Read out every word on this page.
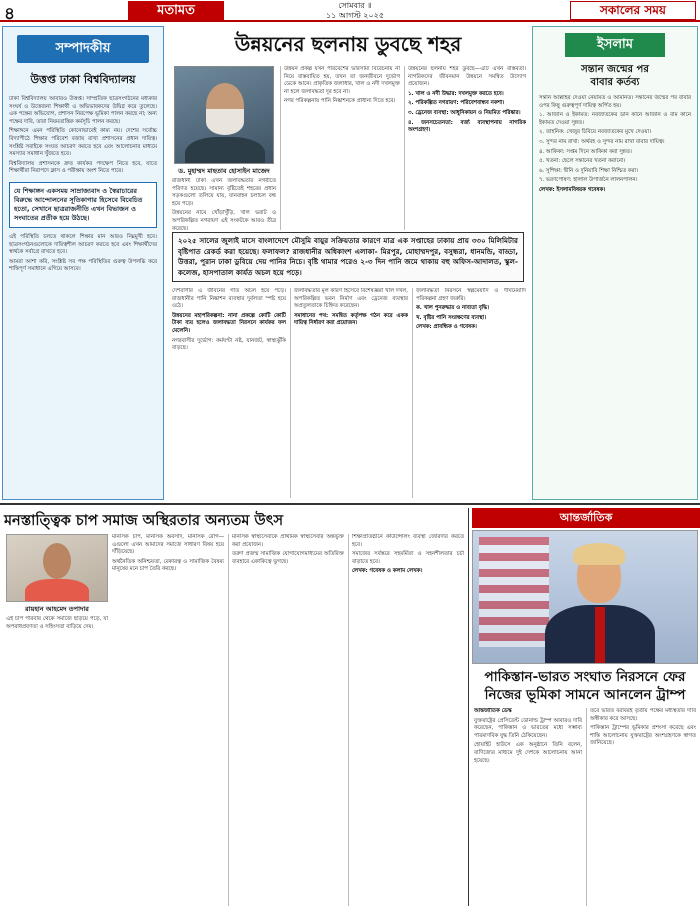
৪	মতামত	সোমবার ॥
১১ আগস্ট ২০২৫	সকালের সময়
সম্পাদকীয়
উত্তপ্ত ঢাকা বিশ্ববিদ্যালয়

ঢাকা বিশ্ববিদ্যালয় আবারও উত্তপ্ত। সাম্প্রতিক ছাত্রসংগঠনের মধ্যকার সংঘর্ষ ও উত্তেজনা শিক্ষার্থী ও অভিভাবকদের উদ্বিগ্ন করে তুলেছে। এক পক্ষের অভিযোগ, প্রশাসন নিরপেক্ষ ভূমিকা পালন করছে না; অন্য পক্ষের দাবি, তারা নিয়মতান্ত্রিক কর্মসূচি পালন করছে।

শিক্ষাঙ্গনে এমন পরিস্থিতি কোনোভাবেই কাম্য নয়। দেশের সর্বোচ্চ বিদ্যাপীঠে শিক্ষার পরিবেশ বজায় রাখা প্রশাসনের প্রধান দায়িত্ব। সংশ্লিষ্ট সবাইকে সংযত আচরণ করতে হবে এবং আলোচনার মাধ্যমে সমস্যার সমাধান খুঁজতে হবে।

বিশ্ববিদ্যালয় প্রশাসনকে দ্রুত কার্যকর পদক্ষেপ নিতে হবে, যাতে শিক্ষার্থীরা নিরাপদে ক্লাস ও পরীক্ষায় অংশ নিতে পারে।

যে শিক্ষাঙ্গন একসময় সাম্রাজ্যবাদ ও স্বৈরাচারের বিরুদ্ধে আন্দোলনের সূতিকাগার হিসেবে বিবেচিত হতো, সেখানে ছাত্ররাজনীতি এখন বিভাজন ও সংঘাতের প্রতীক হয়ে উঠছে।

এই পরিস্থিতি চলতে থাকলে শিক্ষার মান আরও নিম্নমুখী হবে। ছাত্রসংগঠনগুলোকে দায়িত্বশীল আচরণ করতে হবে এবং শিক্ষার্থীদের স্বার্থকে সর্বাগ্রে রাখতে হবে।

আমরা আশা করি, সংশ্লিষ্ট সব পক্ষ পরিস্থিতির গুরুত্ব উপলব্ধি করে শান্তিপূর্ণ সমাধানে এগিয়ে আসবে।

উন্নয়নের ছলনায় ডুবছে শহর
ড. মুহাম্মদ মাহতাব হোসাইন মাজেদ

রাজধানী ঢাকা এখন জলাবদ্ধতার নগরীতে পরিণত হয়েছে। সামান্য বৃষ্টিতেই শহরের প্রধান সড়কগুলো তলিয়ে যায়, যানবাহন চলাচল বন্ধ হয়ে পড়ে।

উন্নয়নের নামে খোঁড়াখুঁড়ি, খাল ভরাট ও অপরিকল্পিত নগরায়ণ এই সংকটকে আরও তীব্র করেছে।

উন্নয়ন প্রকল্প যখন পরিবেশের ভারসাম্য বিবেচনায় না নিয়ে বাস্তবায়িত হয়, তখন তা জনজীবনে দুর্ভোগ ডেকে আনে। প্রাকৃতিক জলাধার, খাল ও নদী দখলমুক্ত না হলে জলাবদ্ধতা দূর হবে না।

নগর পরিকল্পনায় পানি নিষ্কাশনকে প্রাধান্য দিতে হবে।

উন্নয়নের ছলনায় শহর ডুবছে—এটি এখন বাস্তবতা। নাগরিকদের জীবনমান উন্নয়নে সমন্বিত উদ্যোগ প্রয়োজন।

১. খাল ও নদী উদ্ধার: দখলমুক্ত করতে হবে।

২. পরিকল্পিত নগরায়ণ: পরিবেশবান্ধব নকশা।

৩. ড্রেনেজ ব্যবস্থা: আধুনিকায়ন ও নিয়মিত পরিষ্কার।

৪. জনসচেতনতা: বর্জ্য ব্যবস্থাপনায় নাগরিক অংশগ্রহণ।

২০২৫ সালের জুলাই মাসে বাংলাদেশে মৌসুমি বায়ুর সক্রিয়তার কারণে মাত্র এক সপ্তাহের ঢাকায় প্রায় ৩৩০ মিলিমিটার বৃষ্টিপাত রেকর্ড করা হয়েছে। ফলাফল? রাজধানীর অধিকাংশ এলাকা- মিরপুর, মোহাম্মদপুর, বসুন্ধরা, ধানমন্ডি, বাড্ডা, উত্তরা, পুরান ঢাকা ডুবিয়ে দেয় পানির নিচে। বৃষ্টি থামার পরেও ২-৩ দিন পানি জমে থাকায় বহু অফিস-আদালত, স্কুল-কলেজ, হাসপাতাল কার্যত অচল হয়ে পড়ে।

দেশবাসীর এ জীবনের গতি অচল হয়ে পড়ে। রাজধানীর পানি নিষ্কাশন ব্যবস্থার দুর্বলতা স্পষ্ট হয়ে ওঠে।

উন্নয়নের মহাপরিকল্পনা: নানা প্রকল্পে কোটি কোটি টাকা ব্যয় হলেও জলাবদ্ধতা নিরসনে কার্যকর ফল মেলেনি।

নগরবাসীর দুর্ভোগ: কর্মঘণ্টা নষ্ট, যানজট, স্বাস্থ্যঝুঁকি বাড়ছে।

জলাবদ্ধতার মূল কারণ হিসেবে বিশেষজ্ঞরা খাল দখল, অপরিকল্পিত ভবন নির্মাণ এবং ড্রেনেজ ব্যবস্থার অপ্রতুলতাকে চিহ্নিত করেছেন।

সমাধানের পথ: সমন্বিত কর্তৃপক্ষ গঠন করে একক দায়িত্ব নির্ধারণ করা প্রয়োজন।

জলাবদ্ধতা নিরসনে স্বল্পমেয়াদি ও দীর্ঘমেয়াদি পরিকল্পনা গ্রহণ জরুরি।

ক. খাল পুনরুদ্ধার ও নাব্যতা বৃদ্ধি।

খ. বৃষ্টির পানি সংরক্ষণের ব্যবস্থা।

লেখক: প্রাবন্ধিক ও গবেষক।

ইসলাম
সন্তান জন্মের পর
বাবার কর্তব্য

সন্তান আল্লাহর দেওয়া নেয়ামত ও আমানত। সন্তানের জন্মের পর বাবার ওপর কিছু গুরুত্বপূর্ণ দায়িত্ব অর্পিত হয়।

১. আজান ও ইকামত: নবজাতকের ডান কানে আজান ও বাম কানে ইকামত দেওয়া সুন্নত।

২. তাহনিক: খেজুর চিবিয়ে নবজাতকের মুখে দেওয়া।

৩. সুন্দর নাম রাখা: অর্থবহ ও সুন্দর নাম রাখা বাবার দায়িত্ব।

৪. আকিকা: সপ্তম দিনে আকিকা করা সুন্নত।

৫. খতনা: ছেলে সন্তানের খতনা করানো।

৬. সুশিক্ষা: দ্বীনি ও দুনিয়াবি শিক্ষা নিশ্চিত করা।

৭. ভরণপোষণ: হালাল উপার্জনে লালনপালন।

লেখক: ইসলামবিষয়ক গবেষক।

মনস্তাত্ত্বিক চাপ সমাজ অস্থিরতার অন্যতম উৎস
রায়হান আহমেদ তপাদার

মানসিক চাপ, মানসিক অবসাদ, মানসিক রোগ—এগুলো এখন আমাদের সমাজে সাধারণ বিষয় হয়ে দাঁড়িয়েছে।

অর্থনৈতিক অনিশ্চয়তা, বেকারত্ব ও সামাজিক বৈষম্য মানুষের মনে চাপ তৈরি করছে।

এই চাপ পরিবার থেকে সমাজে ছড়িয়ে পড়ে, যা অপরাধপ্রবণতা ও সহিংসতা বাড়িয়ে দেয়।

মানসিক স্বাস্থ্যসেবাকে প্রাথমিক স্বাস্থ্যসেবার অন্তর্ভুক্ত করা প্রয়োজন।

তরুণ প্রজন্ম সামাজিক যোগাযোগমাধ্যমের অতিরিক্ত ব্যবহারে একাকিত্বে ভুগছে।

শিক্ষাপ্রতিষ্ঠানে কাউন্সেলিং ব্যবস্থা জোরদার করতে হবে।

সমাজের সর্বস্তরে সহমর্মিতা ও সহনশীলতার চর্চা বাড়াতে হবে।

লেখক: গবেষক ও কলাম লেখক।

আন্তর্জাতিক
পাকিস্তান-ভারত সংঘাত নিরসনে ফের নিজের ভূমিকা সামনে আনলেন ট্রাম্প

আন্তর্জাতিক ডেস্ক

যুক্তরাষ্ট্রের প্রেসিডেন্ট ডোনাল্ড ট্রাম্প আবারও দাবি করেছেন, পাকিস্তান ও ভারতের মধ্যে সম্ভাব্য পারমাণবিক যুদ্ধ তিনি ঠেকিয়েছেন।

হোয়াইট হাউসে এক অনুষ্ঠানে তিনি বলেন, বাণিজ্যের মাধ্যমে দুই দেশকে আলোচনায় আনা হয়েছে।

তবে ভারত বরাবরই তৃতীয় পক্ষের মধ্যস্থতার দাবি অস্বীকার করে আসছে।

পাকিস্তান ট্রাম্পের ভূমিকার প্রশংসা করেছে এবং শান্তি আলোচনায় যুক্তরাষ্ট্রের অংশগ্রহণকে স্বাগত জানিয়েছে।
